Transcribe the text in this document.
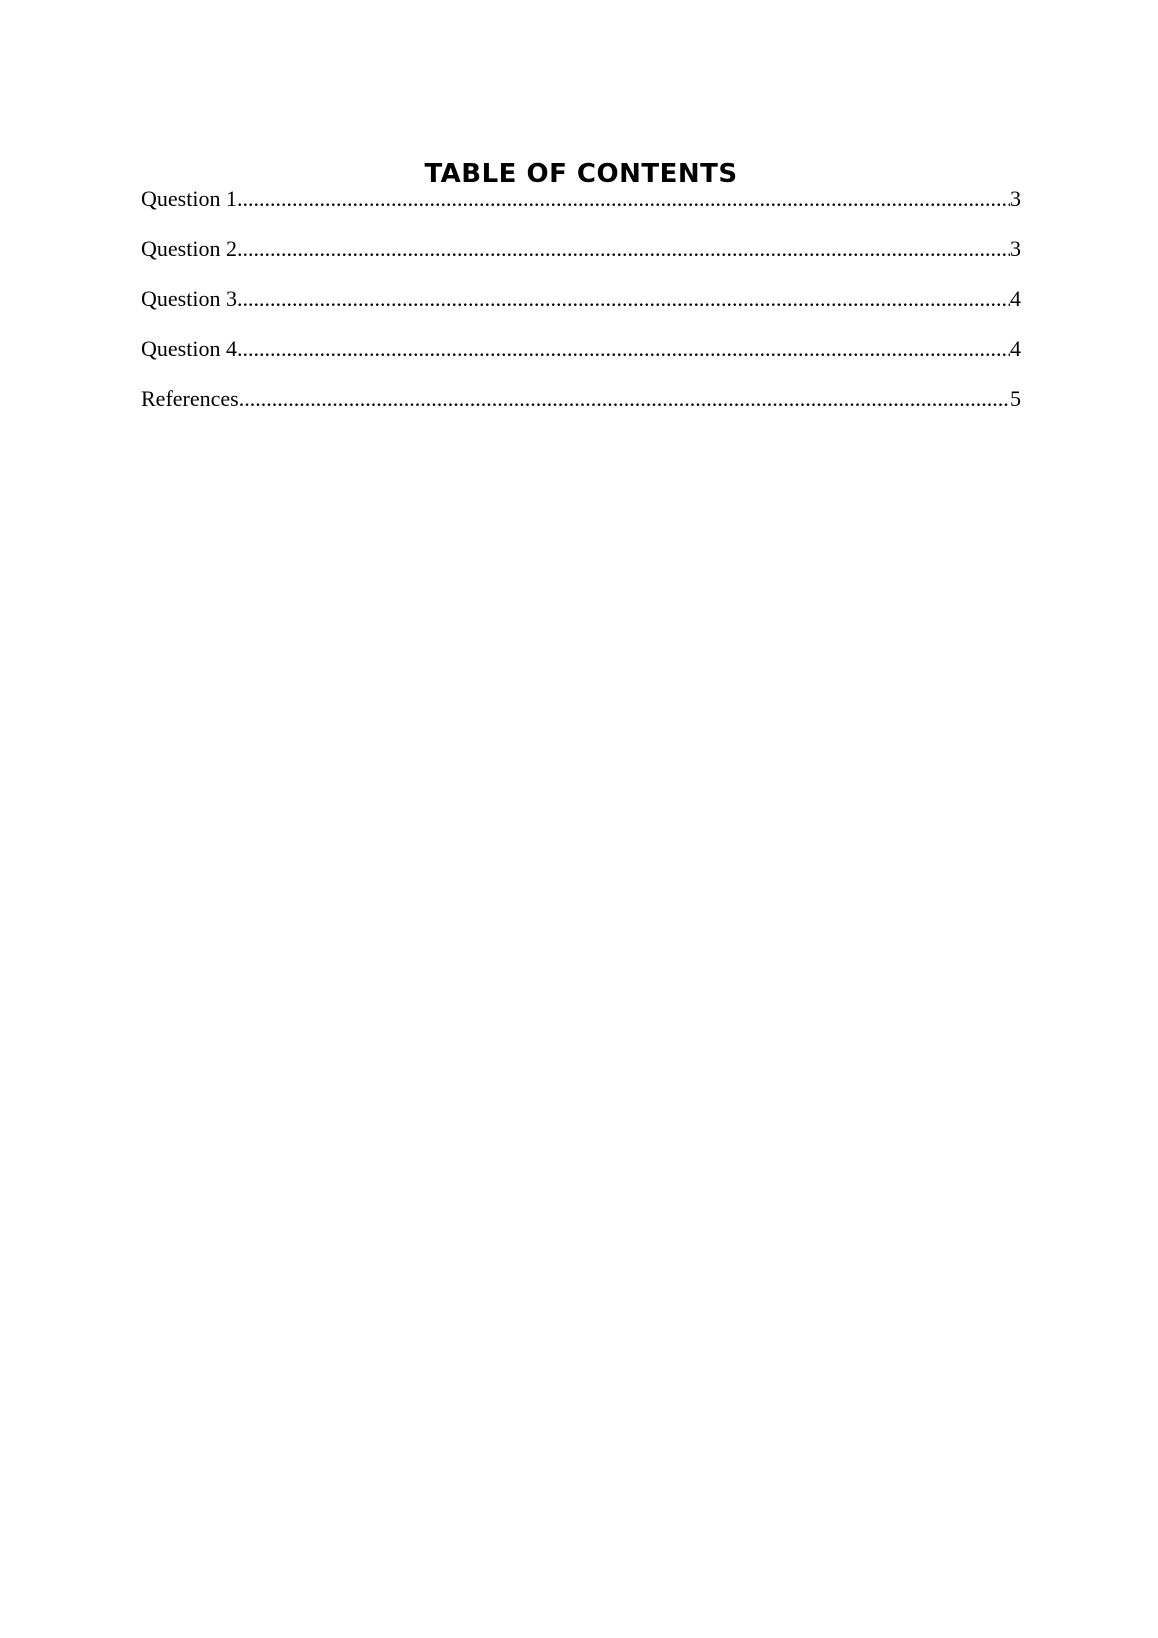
TABLE OF CONTENTS
Question 1 .....	3
Question 2 .....	3
Question 3 .....	4
Question 4 .....	4
References .....	5
